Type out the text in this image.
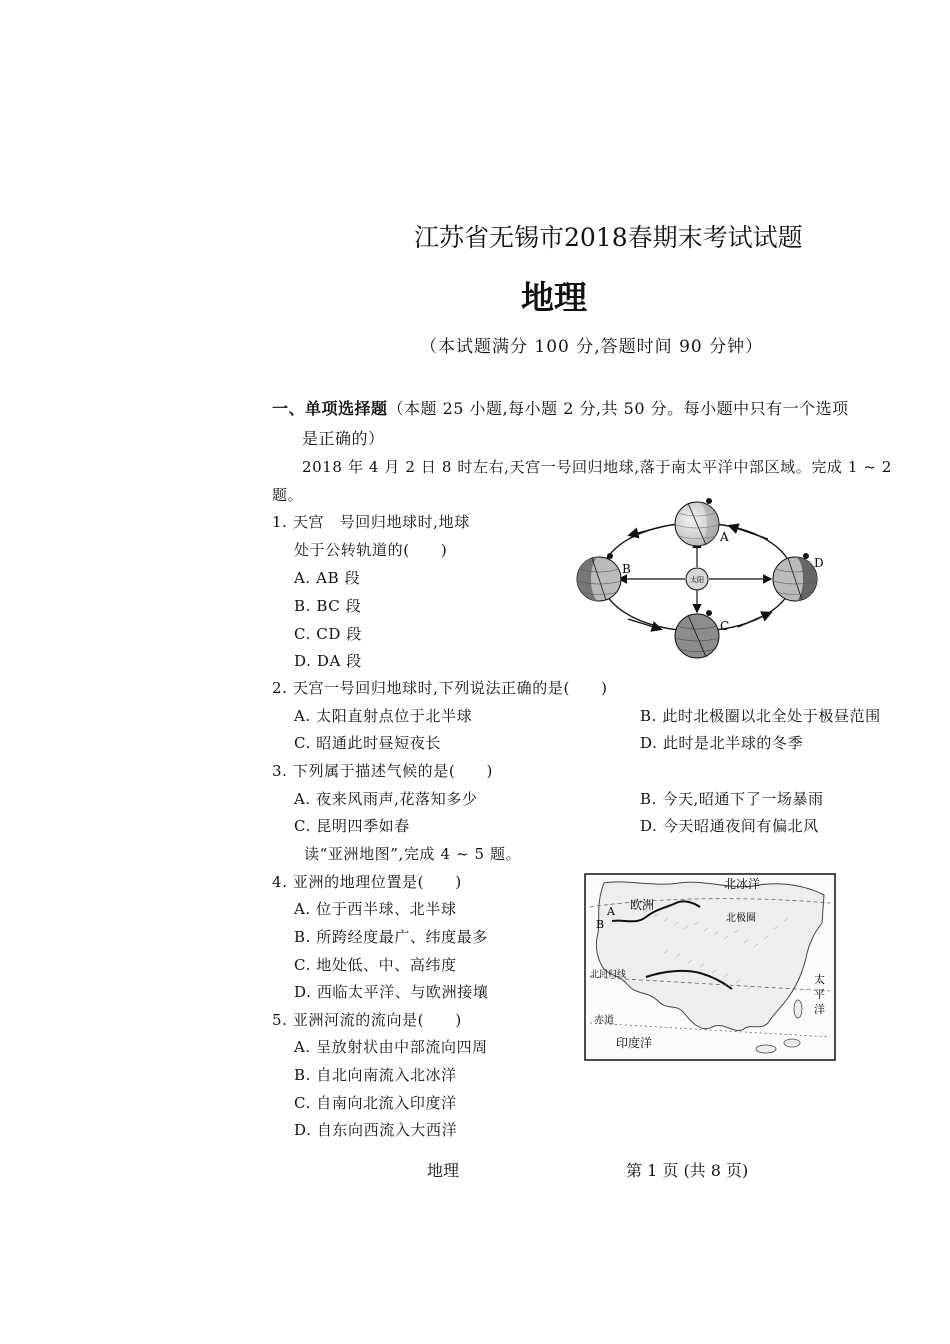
江苏省无锡市2018春期末考试试题
地理
（本试题满分 100 分,答题时间 90 分钟）
一、单项选择题（本题 25 小题,每小题 2 分,共 50 分。每小题中只有一个选项
是正确的）
2018 年 4 月 2 日 8 时左右,天宫一号回归地球,落于南太平洋中部区域。完成 1 ~ 2
题。
1. 天宫　号回归地球时,地球
处于公转轨道的(　　)
A. AB 段
B. BC 段
C. CD 段
D. DA 段
太阳
A
B
C
D
2. 天宫一号回归地球时,下列说法正确的是(　　)
A. 太阳直射点位于北半球	B. 此时北极圈以北全处于极昼范围
C. 昭通此时昼短夜长	D. 此时是北半球的冬季
3. 下列属于描述气候的是(　　)
A. 夜来风雨声,花落知多少	B. 今天,昭通下了一场暴雨
C. 昆明四季如春	D. 今天昭通夜间有偏北风
读“亚洲地图”,完成 4 ~ 5 题。
4. 亚洲的地理位置是(　　)
A. 位于西半球、北半球
B. 所跨经度最广、纬度最多
C. 地处低、中、高纬度
D. 西临太平洋、与欧洲接壤
5. 亚洲河流的流向是(　　)
A. 呈放射状由中部流向四周
B. 自北向南流入北冰洋
C. 自南向北流入印度洋
D. 自东向西流入大西洋
北冰洋
欧洲
北极圈
A
B
北回归线	太
平
洋
赤道
印度洋
地理	第 1 页 (共 8 页)
